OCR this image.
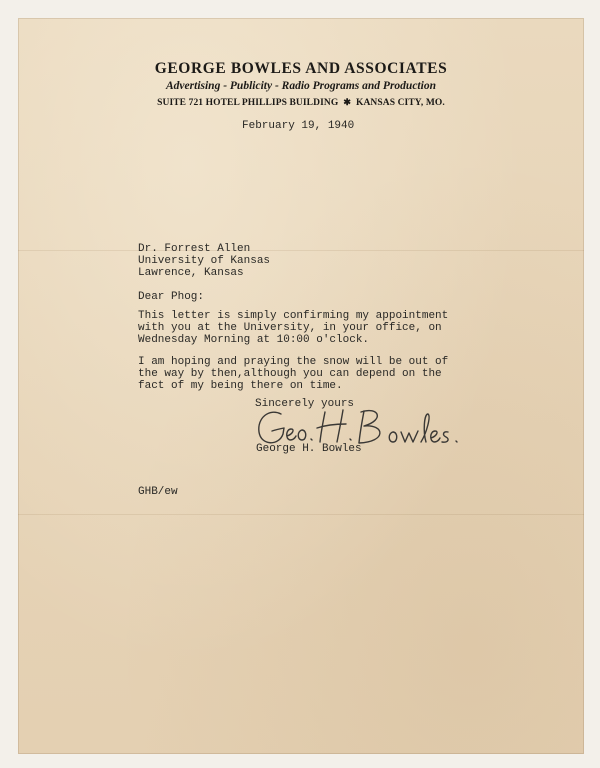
GEORGE BOWLES AND ASSOCIATES
Advertising - Publicity - Radio Programs and Production
SUITE 721 HOTEL PHILLIPS BUILDING ✱ KANSAS CITY, MO.
February 19, 1940
Dr. Forrest Allen
University of Kansas
Lawrence, Kansas
Dear Phog:
This letter is simply confirming my appointment
with you at the University, in your office, on
Wednesday Morning at 10:00 o'clock.
I am hoping and praying the snow will be out of
the way by then,although you can depend on the
fact of my being there on time.
Sincerely yours
George H. Bowles
GHB/ew
